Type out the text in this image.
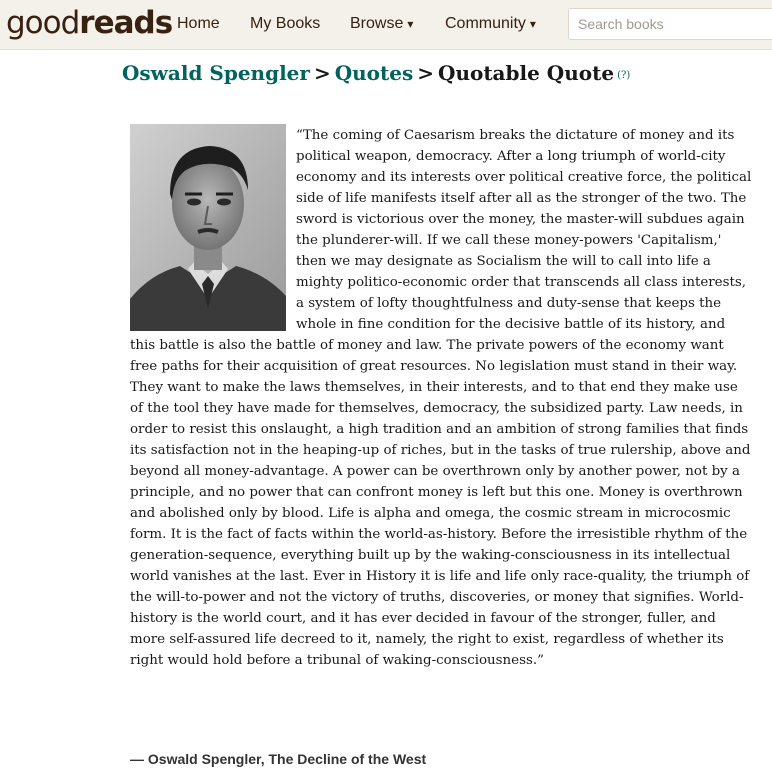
goodreads Home My Books Browse ▾ Community ▾
Search books
Oswald Spengler > Quotes > Quotable Quote (?)

“The coming of Caesarism breaks the dictature of money and its political weapon, democracy. After a long triumph of world-city economy and its interests over political creative force, the political side of life manifests itself after all as the stronger of the two. The sword is victorious over the money, the master-will subdues again the plunderer-will. If we call these money-powers 'Capitalism,' then we may designate as Socialism the will to call into life a mighty politico-economic order that transcends all class interests, a system of lofty thoughtfulness and duty-sense that keeps the whole in fine condition for the decisive battle of its history, and this battle is also the battle of money and law. The private powers of the economy want free paths for their acquisition of great resources. No legislation must stand in their way. They want to make the laws themselves, in their interests, and to that end they make use of the tool they have made for themselves, democracy, the subsidized party. Law needs, in order to resist this onslaught, a high tradition and an ambition of strong families that finds its satisfaction not in the heaping-up of riches, but in the tasks of true rulership, above and beyond all money-advantage. A power can be overthrown only by another power, not by a principle, and no power that can confront money is left but this one. Money is overthrown and abolished only by blood. Life is alpha and omega, the cosmic stream in microcosmic form. It is the fact of facts within the world-as-history. Before the irresistible rhythm of the generation-sequence, everything built up by the waking-consciousness in its intellectual world vanishes at the last. Ever in History it is life and life only race-quality, the triumph of the will-to-power and not the victory of truths, discoveries, or money that signifies. World-history is the world court, and it has ever decided in favour of the stronger, fuller, and more self-assured life decreed to it, namely, the right to exist, regardless of whether its right would hold before a tribunal of waking-consciousness.”

― Oswald Spengler, The Decline of the West
